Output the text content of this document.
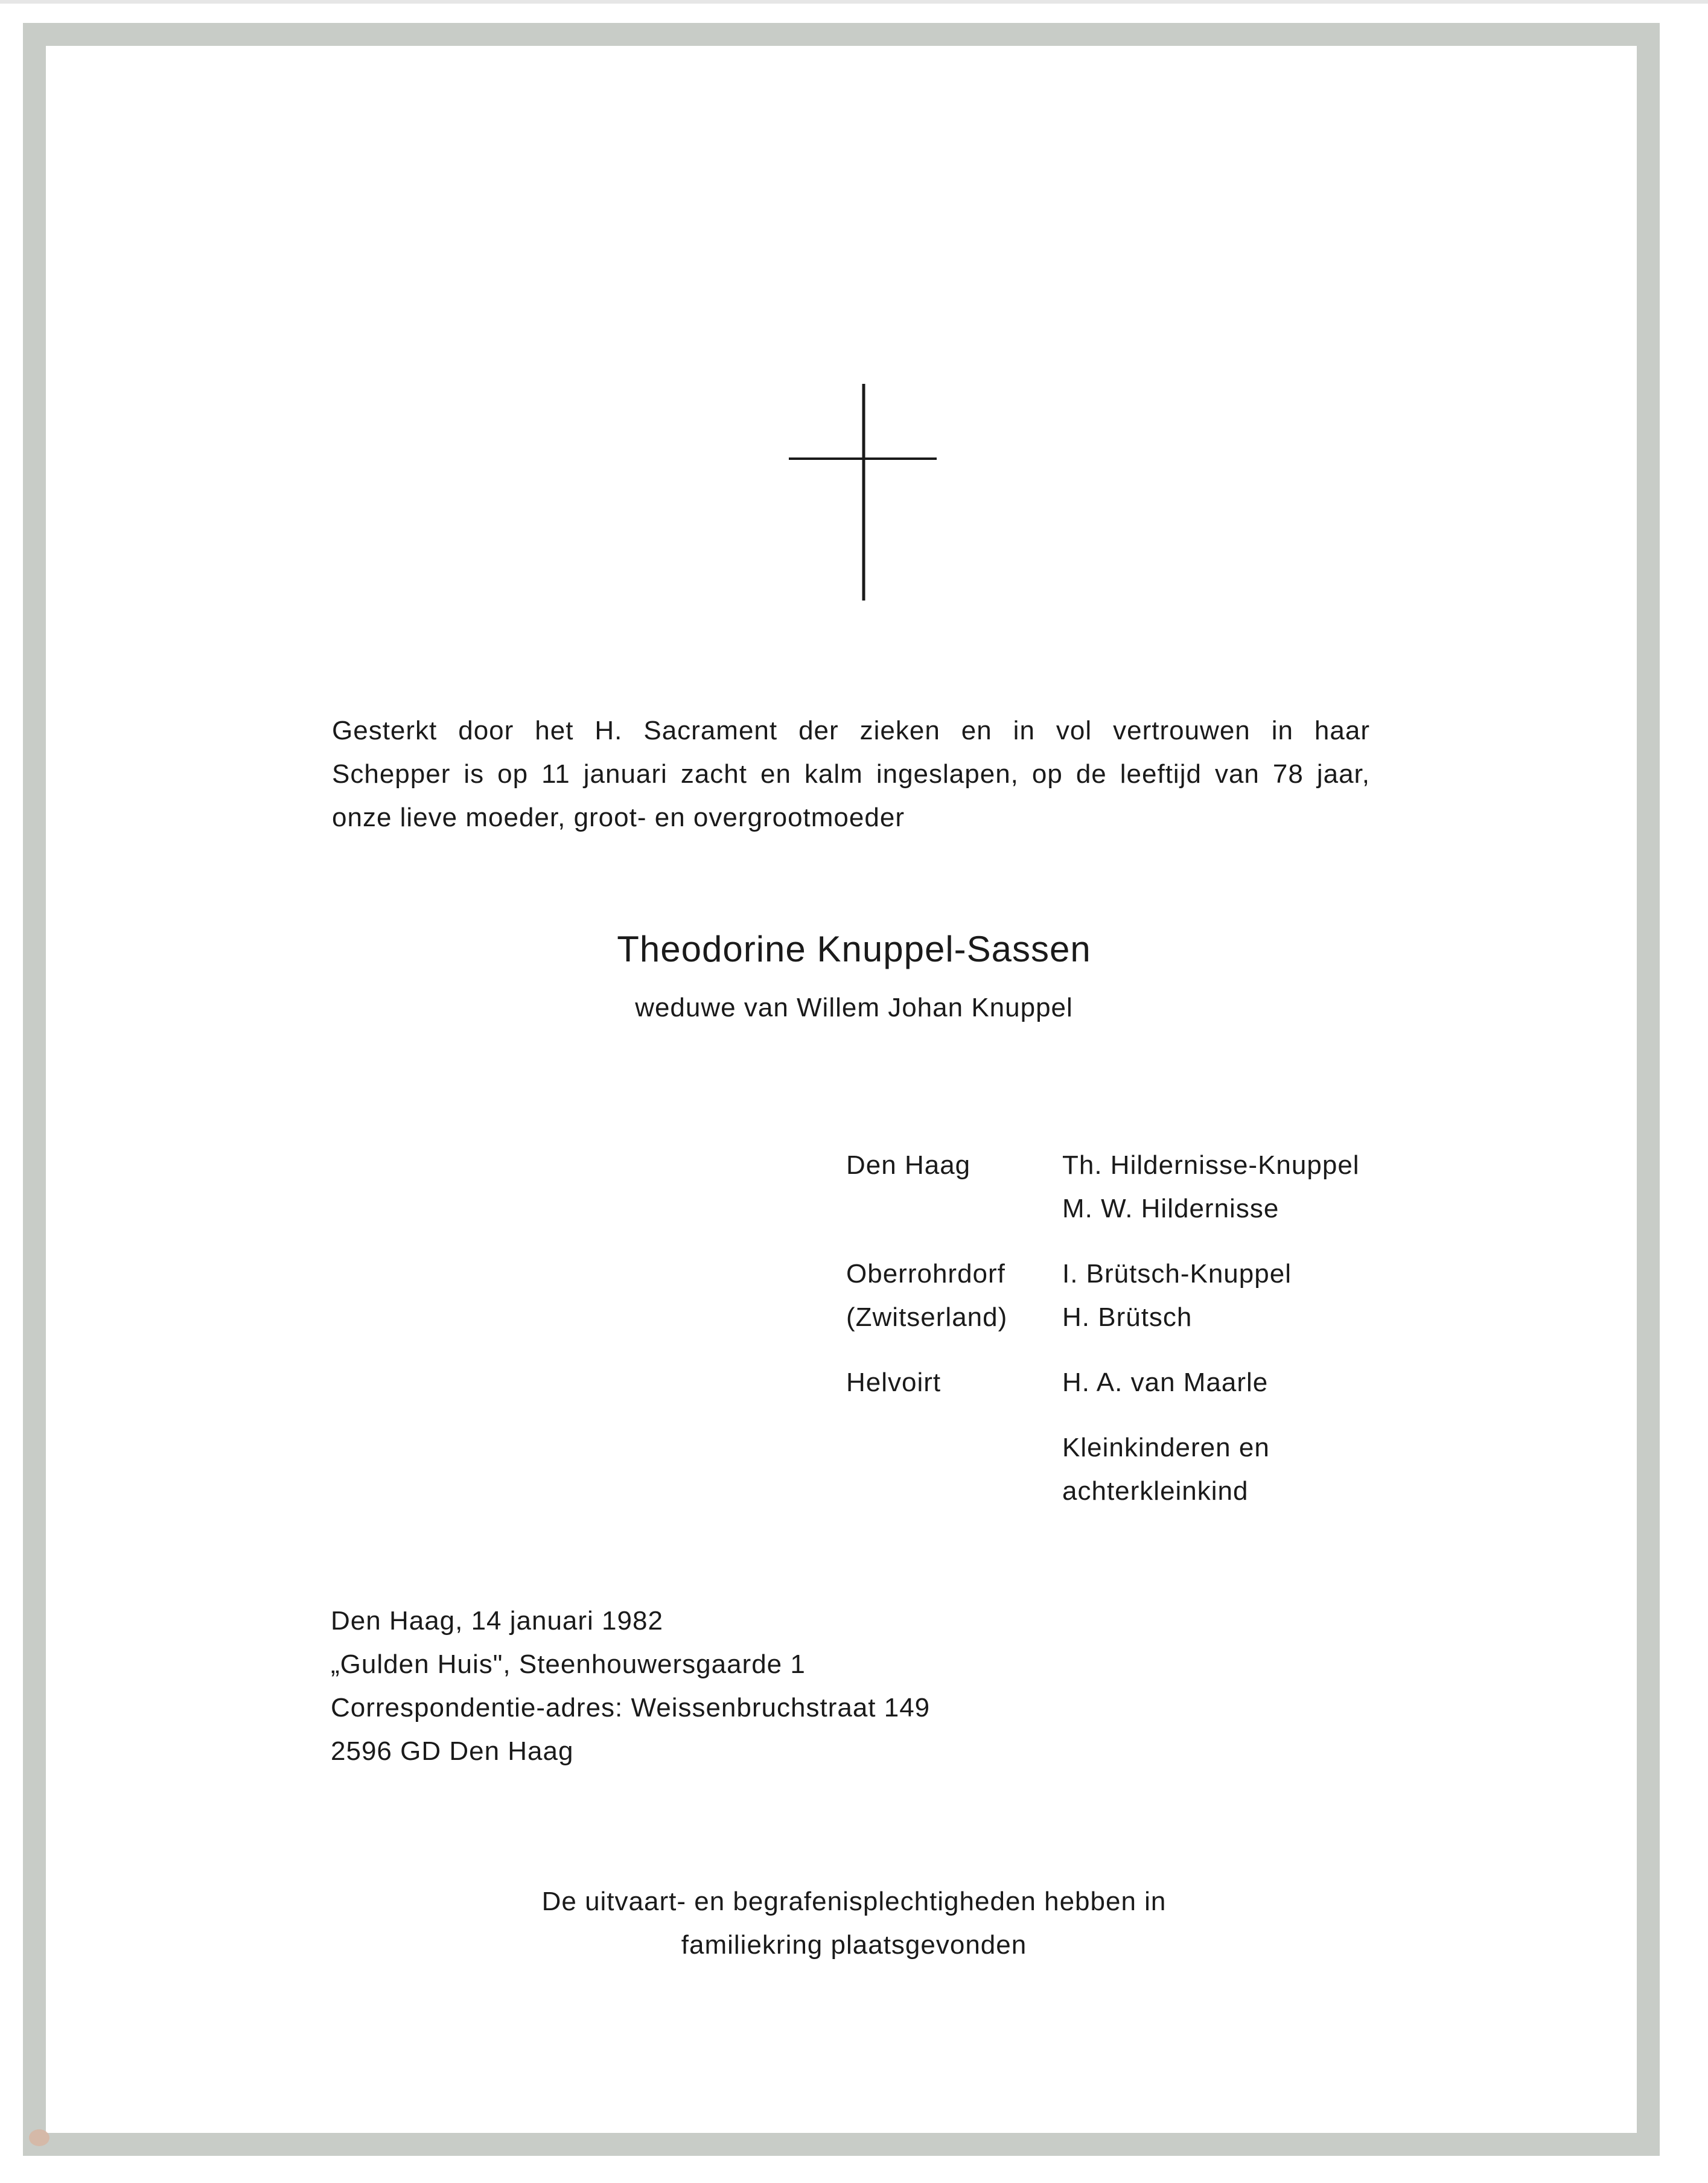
Gesterkt door het H. Sacrament der zieken en in vol vertrouwen in haar
Schepper is op 11 januari zacht en kalm ingeslapen, op de leeftijd van 78 jaar,
onze lieve moeder, groot- en overgrootmoeder
Theodorine Knuppel-Sassen
weduwe van Willem Johan Knuppel
Den Haag	Th. Hildernisse-Knuppel
M. W. Hildernisse
Oberrohrdorf
(Zwitserland)
I. Brütsch-Knuppel
H. Brütsch
Helvoirt	H. A. van Maarle
Kleinkinderen en
achterkleinkind
Den Haag, 14 januari 1982
„Gulden Huis", Steenhouwersgaarde 1
Correspondentie-adres: Weissenbruchstraat 149
2596 GD Den Haag
De uitvaart- en begrafenisplechtigheden hebben in
familiekring plaatsgevonden
